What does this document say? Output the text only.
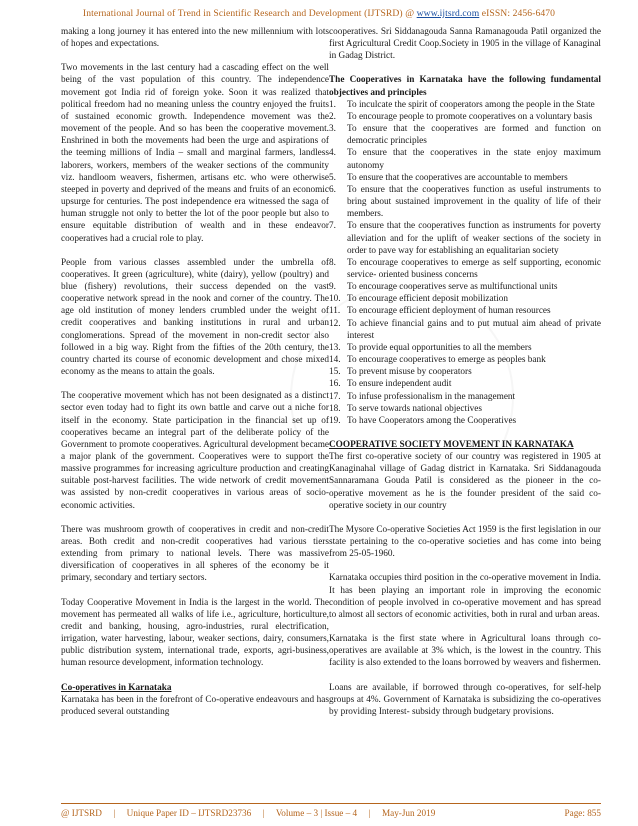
International Journal of Trend in Scientific Research and Development (IJTSRD) @ www.ijtsrd.com eISSN: 2456-6470

making a long journey it has entered into the new millennium with lots of hopes and expectations.

Two movements in the last century had a cascading effect on the well being of the vast population of this country. The independence movement got India rid of foreign yoke. Soon it was realized that political freedom had no meaning unless the country enjoyed the fruits of sustained economic growth. Independence movement was the movement of the people. And so has been the cooperative movement. Enshrined in both the movements had been the urge and aspirations of the teeming millions of India – small and marginal farmers, landless laborers, workers, members of the weaker sections of the community viz. handloom weavers, fishermen, artisans etc. who were otherwise steeped in poverty and deprived of the means and fruits of an economic upsurge for centuries. The post independence era witnessed the saga of human struggle not only to better the lot of the poor people but also to ensure equitable distribution of wealth and in these endeavor cooperatives had a crucial role to play.

People from various classes assembled under the umbrella of cooperatives. It green (agriculture), white (dairy), yellow (poultry) and blue (fishery) revolutions, their success depended on the vast cooperative network spread in the nook and corner of the country. The age old institution of money lenders crumbled under the weight of credit cooperatives and banking institutions in rural and urban conglomerations. Spread of the movement in non-credit sector also followed in a big way. Right from the fifties of the 20th century, the country charted its course of economic development and chose mixed economy as the means to attain the goals.

The cooperative movement which has not been designated as a distinct sector even today had to fight its own battle and carve out a niche for itself in the economy. State participation in the financial set up of cooperatives became an integral part of the deliberate policy of the Government to promote cooperatives. Agricultural development became a major plank of the government. Cooperatives were to support the massive programmes for increasing agriculture production and creating suitable post-harvest facilities. The wide network of credit movement was assisted by non-credit cooperatives in various areas of socio-economic activities.

There was mushroom growth of cooperatives in credit and non-credit areas. Both credit and non-credit cooperatives had various tiers extending from primary to national levels. There was massive diversification of cooperatives in all spheres of the economy be it primary, secondary and tertiary sectors.

Today Cooperative Movement in India is the largest in the world. The movement has permeated all walks of life i.e., agriculture, horticulture, credit and banking, housing, agro-industries, rural electrification, irrigation, water harvesting, labour, weaker sections, dairy, consumers, public distribution system, international trade, exports, agri-business, human resource development, information technology.

Co-operatives in Karnataka

Karnataka has been in the forefront of Co-operative endeavours and has produced several outstanding

cooperatives. Sri Siddanagouda Sanna Ramanagouda Patil organized the first Agricultural Credit Coop.Society in 1905 in the village of Kanaginal in Gadag District.

The Cooperatives in Karnataka have the following fundamental objectives and principles
1.	To inculcate the spirit of cooperators among the people in the State
2.	To encourage people to promote cooperatives on a voluntary basis
3.	To ensure that the cooperatives are formed and function on democratic principles
4.	To ensure that the cooperatives in the state enjoy maximum autonomy
5.	To ensure that the cooperatives are accountable to members
6.	To ensure that the cooperatives function as useful instruments to bring about sustained improvement in the quality of life of their members.
7.	To ensure that the cooperatives function as instruments for poverty alleviation and for the uplift of weaker sections of the society in order to pave way for establishing an equalitarian society
8.	To encourage cooperatives to emerge as self supporting, economic service- oriented business concerns
9.	To encourage cooperatives serve as multifunctional units
10. To encourage efficient deposit mobilization
11. To encourage efficient deployment of human resources
12. To achieve financial gains and to put mutual aim ahead of private interest
13. To provide equal opportunities to all the members
14. To encourage cooperatives to emerge as peoples bank
15. To prevent misuse by cooperators
16. To ensure independent audit
17. To infuse professionalism in the management
18. To serve towards national objectives
19. To have Cooperators among the Cooperatives
COOPERATIVE SOCIETY MOVEMENT IN KARNATAKA

The first co-operative society of our country was registered in 1905 at Kanaginahal village of Gadag district in Karnataka. Sri Siddanagouda Sannaramana Gouda Patil is considered as the pioneer in the co-operative movement as he is the founder president of the said co-operative society in our country

The Mysore Co-operative Societies Act 1959 is the first legislation in our state pertaining to the co-operative societies and has come into being from 25-05-1960.

Karnataka occupies third position in the co-operative movement in India. It has been playing an important role in improving the economic condition of people involved in co-operative movement and has spread to almost all sectors of economic activities, both in rural and urban areas.

Karnataka is the first state where in Agricultural loans through co-operatives are available at 3% which, is the lowest in the country. This facility is also extended to the loans borrowed by weavers and fishermen.

Loans are available, if borrowed through co-operatives, for self-help groups at 4%. Government of Karnataka is subsidizing the co-operatives by providing Interest- subsidy through budgetary provisions.

@ IJTSRD     |     Unique Paper ID – IJTSRD23736     |     Volume – 3 | Issue – 4     |     May-Jun 2019	Page: 855
